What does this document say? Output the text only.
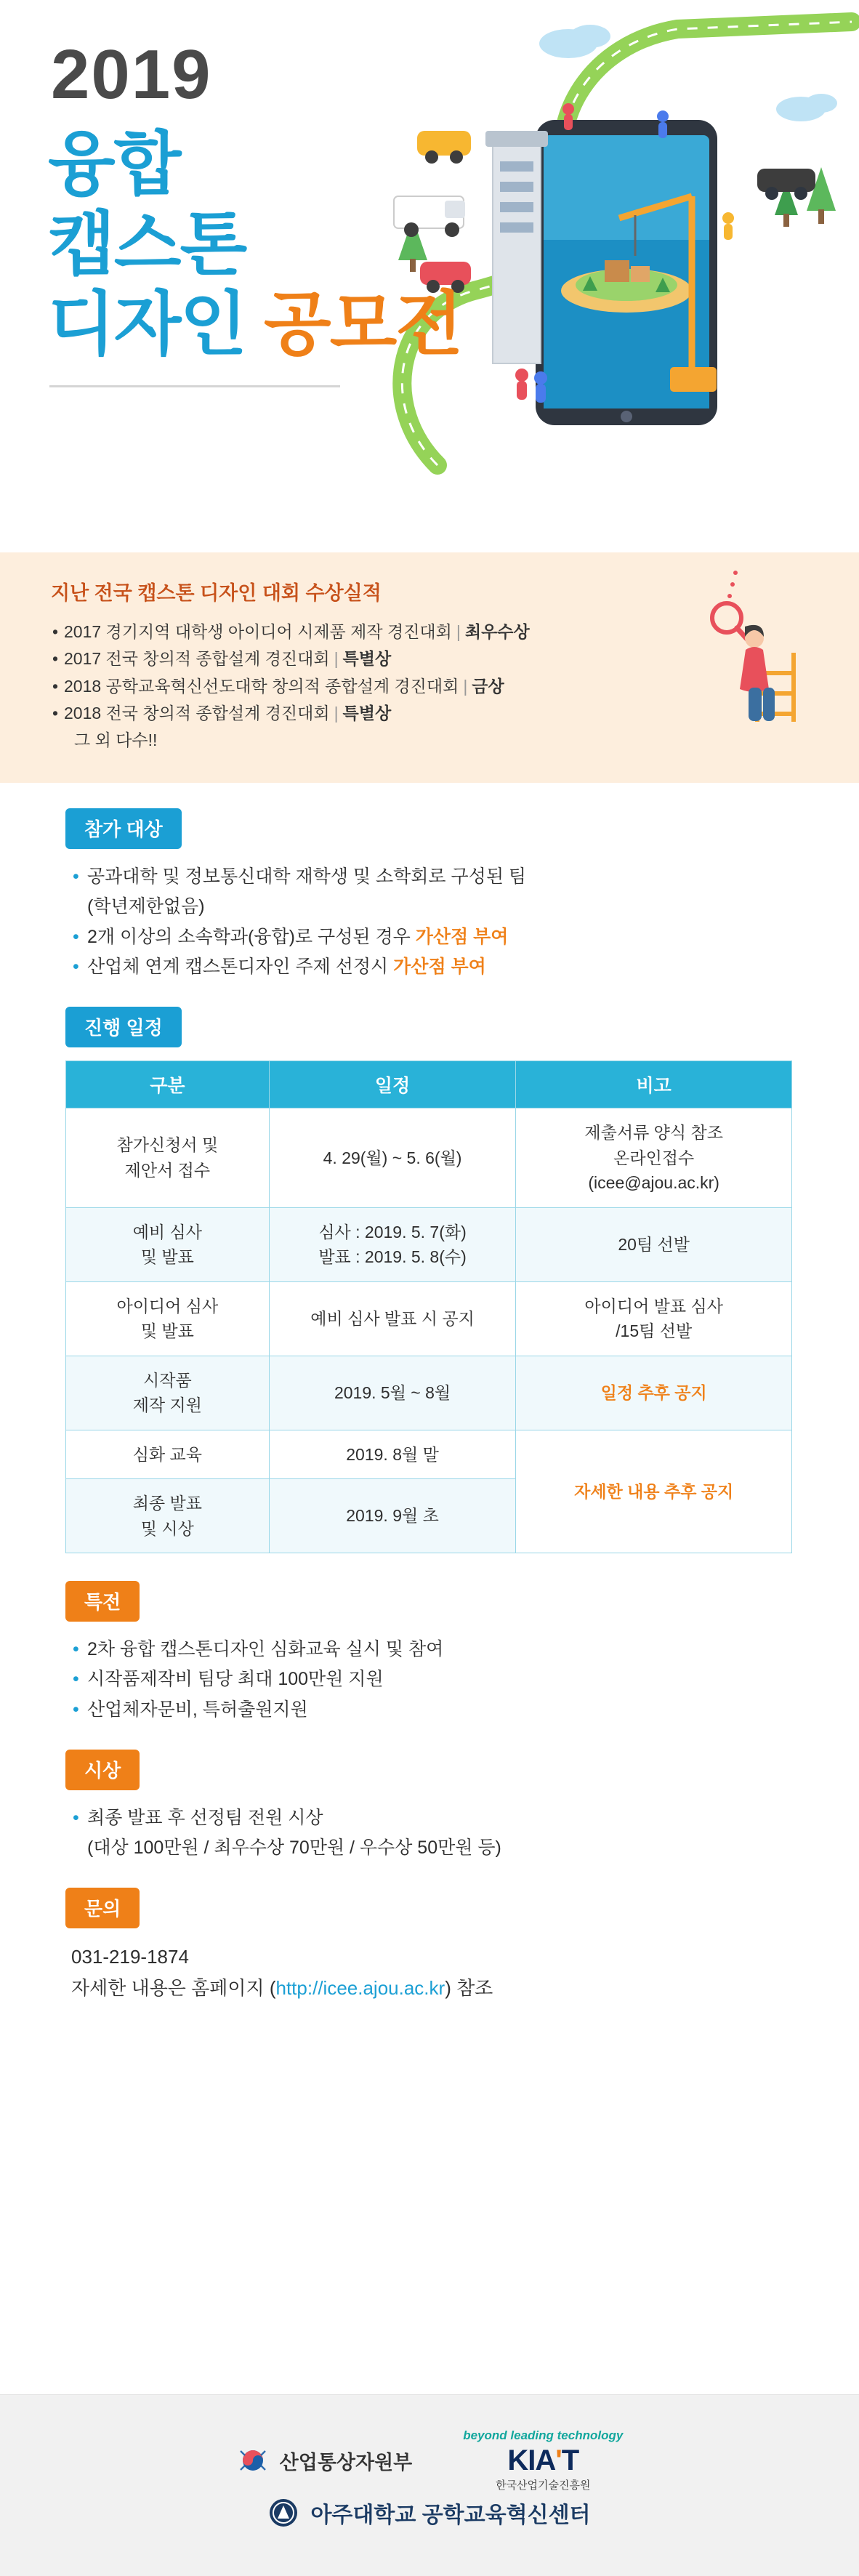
2019
융합
캡스톤
디자인 공모전
지난 전국 캡스톤 디자인 대회 수상실적
• 2017 경기지역 대학생 아이디어 시제품 제작 경진대회 | 최우수상
• 2017 전국 창의적 종합설계 경진대회 | 특별상
• 2018 공학교육혁신선도대학 창의적 종합설계 경진대회 | 금상
• 2018 전국 창의적 종합설계 경진대회 | 특별상
그 외 다수!!
참가 대상
• 공과대학 및 정보통신대학 재학생 및 소학회로 구성된 팀
(학년제한없음)
• 2개 이상의 소속학과(융합)로 구성된 경우 가산점 부여
• 산업체 연계 캡스톤디자인 주제 선정시 가산점 부여
진행 일정
구분	일정	비고
참가신청서 및
제안서 접수	4. 29(월) ~ 5. 6(월)	제출서류 양식 참조
온라인접수
(icee@ajou.ac.kr)
예비 심사
및 발표	심사 : 2019. 5. 7(화)
발표 : 2019. 5. 8(수)	20팀 선발
아이디어 심사
및 발표	예비 심사 발표 시 공지	아이디어 발표 심사
/15팀 선발
시작품
제작 지원	2019. 5월 ~ 8월	일정 추후 공지
심화 교육	2019. 8월 말	자세한 내용 추후 공지
최종 발표
및 시상	2019. 9월 초	
특전
• 2차 융합 캡스톤디자인 심화교육 실시 및 참여
• 시작품제작비 팀당 최대 100만원 지원
• 산업체자문비, 특허출원지원
시상
• 최종 발표 후 선정팀 전원 시상
(대상 100만원 / 최우수상 70만원 / 우수상 50만원 등)
문의
031-219-1874
자세한 내용은 홈페이지 (http://icee.ajou.ac.kr) 참조
산업통상자원부
beyond leading technology
KIA'T
한국산업기술진흥원
아주대학교 공학교육혁신센터
